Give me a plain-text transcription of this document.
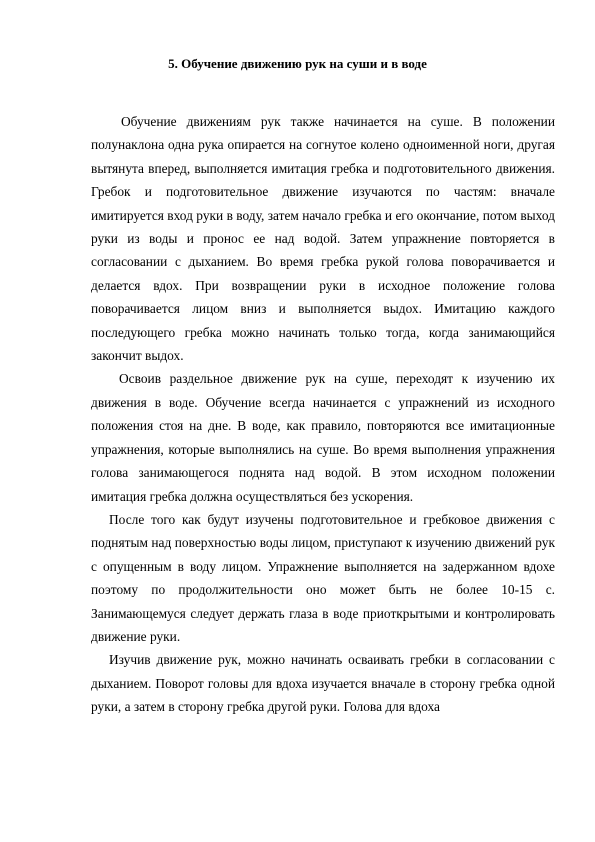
5. Обучение движению рук на суши и в воде

Обучение движениям рук также начинается на суше. В положении полунаклона одна рука опирается на согнутое колено одноименной ноги, другая вытянута вперед, выполняется имитация гребка и подготовительного движения. Гребок и подготовительное движение изучаются по частям: вначале имитируется вход руки в воду, затем начало гребка и его окончание, потом выход руки из воды и пронос ее над водой. Затем упражнение повторяется в согласовании с дыханием. Во время гребка рукой голова поворачивается и делается вдох. При возвращении руки в исходное положение голова поворачивается лицом вниз и выполняется выдох. Имитацию каждого последующего гребка можно начинать только тогда, когда занимающийся закончит выдох.

Освоив раздельное движение рук на суше, переходят к изучению их движения в воде. Обучение всегда начинается с упражнений из исходного положения стоя на дне. В воде, как правило, повторяются все имитационные упражнения, которые выполнялись на суше. Во время выполнения упражнения голова занимающегося поднята над водой. В этом исходном положении имитация гребка должна осуществляться без ускорения.

После того как будут изучены подготовительное и гребковое движения с поднятым над поверхностью воды лицом, приступают к изучению движений рук с опущенным в воду лицом. Упражнение выполняется на задержанном вдохе поэтому по продолжительности оно может быть не более 10-15 с. Занимающемуся следует держать глаза в воде приоткрытыми и контролировать движение руки.

Изучив движение рук, можно начинать осваивать гребки в согласовании с дыханием. Поворот головы для вдоха изучается вначале в сторону гребка одной руки, а затем в сторону гребка другой руки. Голова для вдоха
